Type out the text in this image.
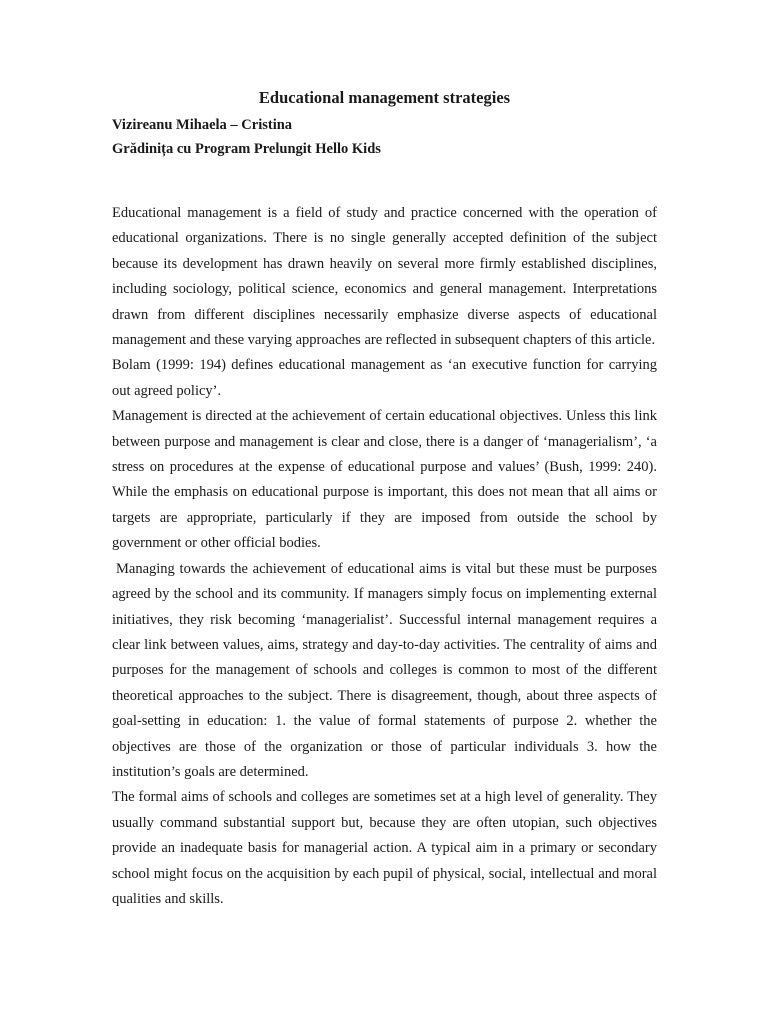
Educational management strategies

Vizireanu Mihaela – Cristina

Grădinița cu Program Prelungit Hello Kids

Educational management is a field of study and practice concerned with the operation of educational organizations. There is no single generally accepted definition of the subject because its development has drawn heavily on several more firmly established disciplines, including sociology, political science, economics and general management. Interpretations drawn from different disciplines necessarily emphasize diverse aspects of educational management and these varying approaches are reflected in subsequent chapters of this article.

Bolam (1999: 194) defines educational management as ‘an executive function for carrying out agreed policy’.

Management is directed at the achievement of certain educational objectives. Unless this link between purpose and management is clear and close, there is a danger of ‘managerialism’, ‘a stress on procedures at the expense of educational purpose and values’ (Bush, 1999: 240). While the emphasis on educational purpose is important, this does not mean that all aims or targets are appropriate, particularly if they are imposed from outside the school by government or other official bodies.

Managing towards the achievement of educational aims is vital but these must be purposes agreed by the school and its community. If managers simply focus on implementing external initiatives, they risk becoming ‘managerialist’. Successful internal management requires a clear link between values, aims, strategy and day-to-day activities. The centrality of aims and purposes for the management of schools and colleges is common to most of the different theoretical approaches to the subject. There is disagreement, though, about three aspects of goal-setting in education: 1. the value of formal statements of purpose 2. whether the objectives are those of the organization or those of particular individuals 3. how the institution’s goals are determined.

The formal aims of schools and colleges are sometimes set at a high level of generality. They usually command substantial support but, because they are often utopian, such objectives provide an inadequate basis for managerial action. A typical aim in a primary or secondary school might focus on the acquisition by each pupil of physical, social, intellectual and moral qualities and skills.
